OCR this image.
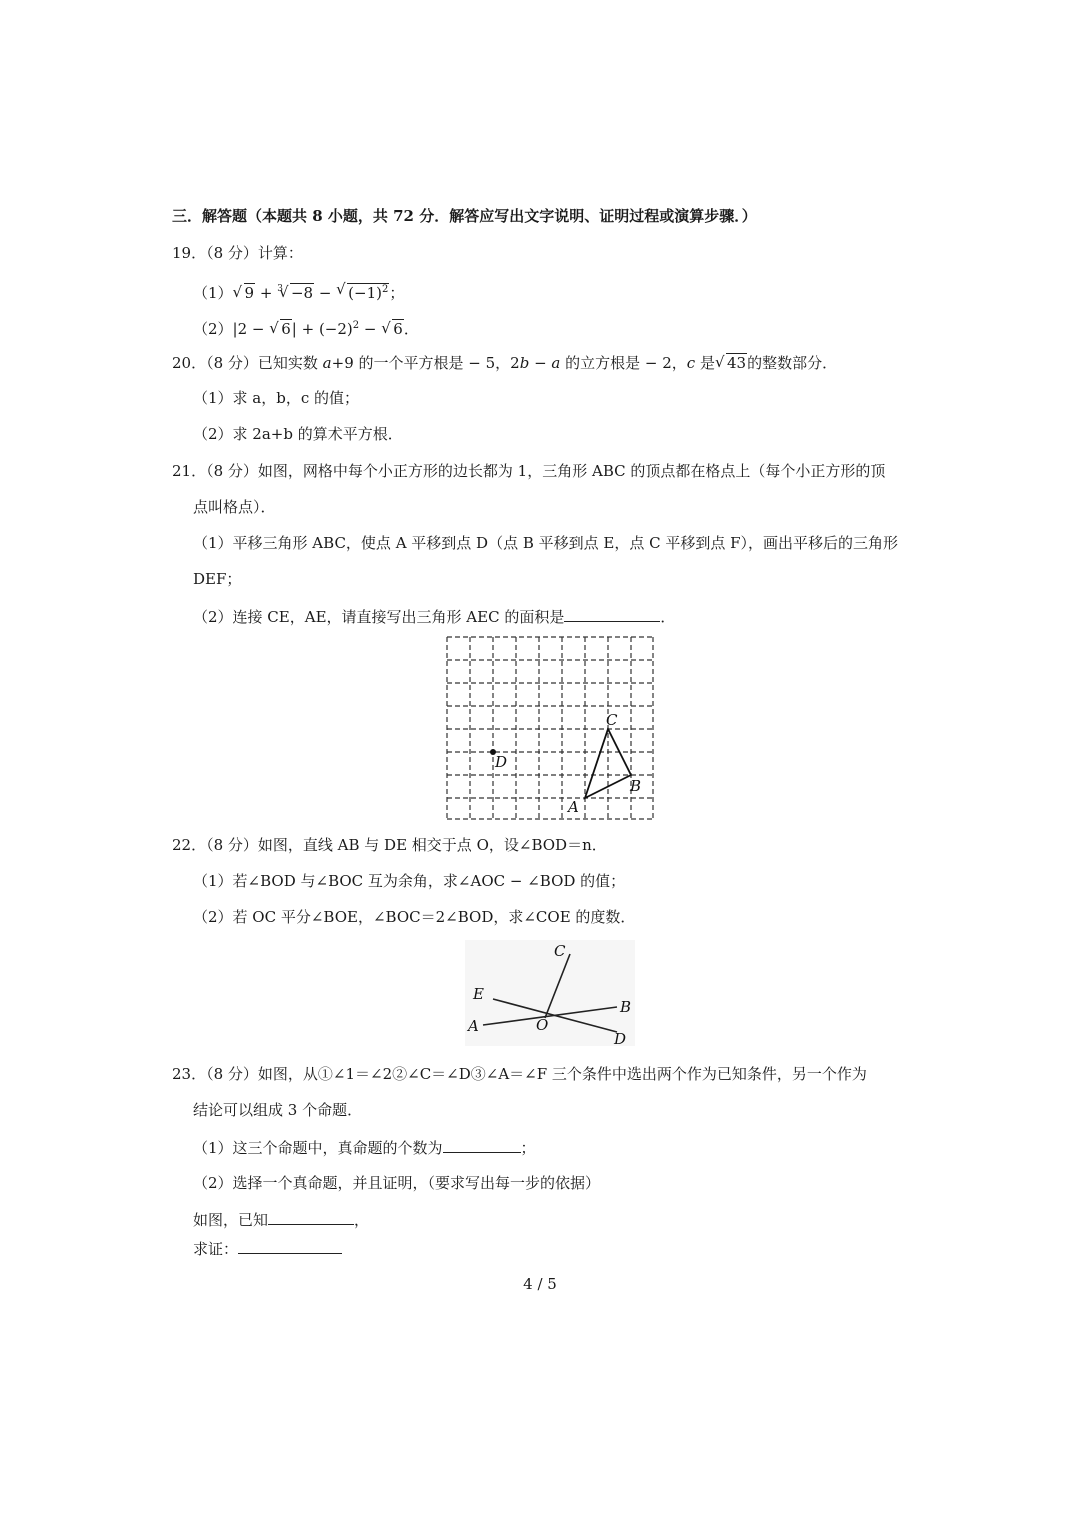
三．解答题（本题共 8 小题，共 72 分．解答应写出文字说明、证明过程或演算步骤．）
19．（8 分）计算：
（1） √ 9 + $^3$ √ −8 − √ $(-1)^2$；
（2）|2 − √ $6| + (-2)^2$ − √ 6．
20．（8 分）已知实数 a+9 的一个平方根是 − 5，2b − a 的立方根是 − 2，c 是 √ 43的整数部分．
（1）求 a，b，c 的值；
（2）求 2a+b 的算术平方根．
21．（8 分）如图，网格中每个小正方形的边长都为 1，三角形 ABC 的顶点都在格点上（每个小正方形的顶
点叫格点）．
（1）平移三角形 ABC，使点 A 平移到点 D（点 B 平移到点 E，点 C 平移到点 F），画出平移后的三角形
DEF；
（2）连接 CE，AE，请直接写出三角形 AEC 的面积是	．
C
D
B
A
22．（8 分）如图，直线 AB 与 DE 相交于点 O，设∠BOD＝n．
（1）若∠BOD 与∠BOC 互为余角，求∠AOC − ∠BOD 的值；
（2）若 OC 平分∠BOE，∠BOC＝2∠BOD，求∠COE 的度数．
C
E
B
A	O
D
23．（8 分）如图，从①∠1＝∠2②∠C＝∠D③∠A＝∠F 三个条件中选出两个作为已知条件，另一个作为
结论可以组成 3 个命题．
（1）这三个命题中，真命题的个数为	；
（2）选择一个真命题，并且证明，（要求写出每一步的依据）
如图，已知	，
求证：
4 / 5
